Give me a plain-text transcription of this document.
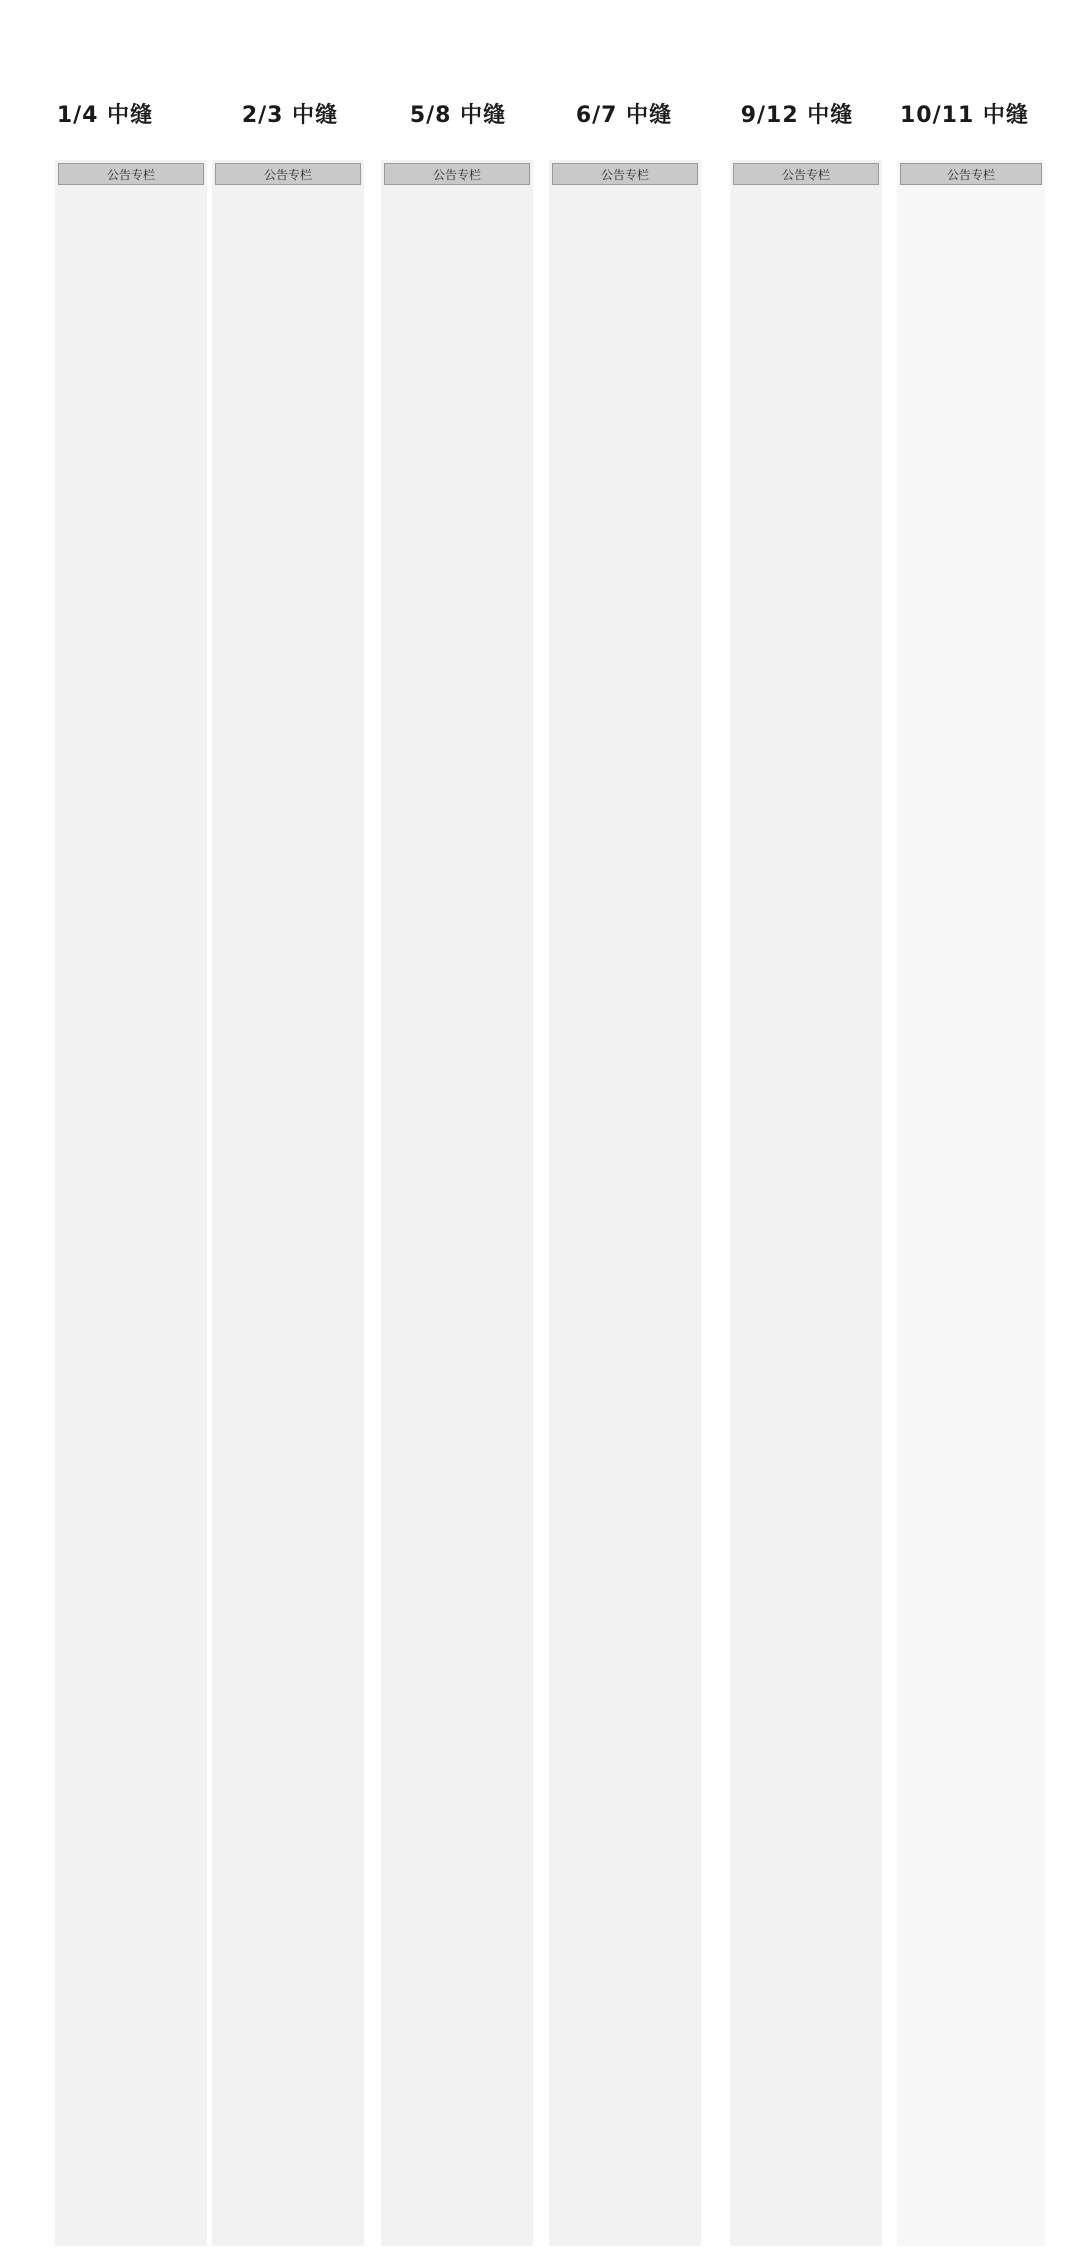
1/4 中缝	2/3 中缝	5/8 中缝	6/7 中缝	9/12 中缝 10/11 中缝
公告专栏	公告专栏	公告专栏	公告专栏	公告专栏	公告专栏
